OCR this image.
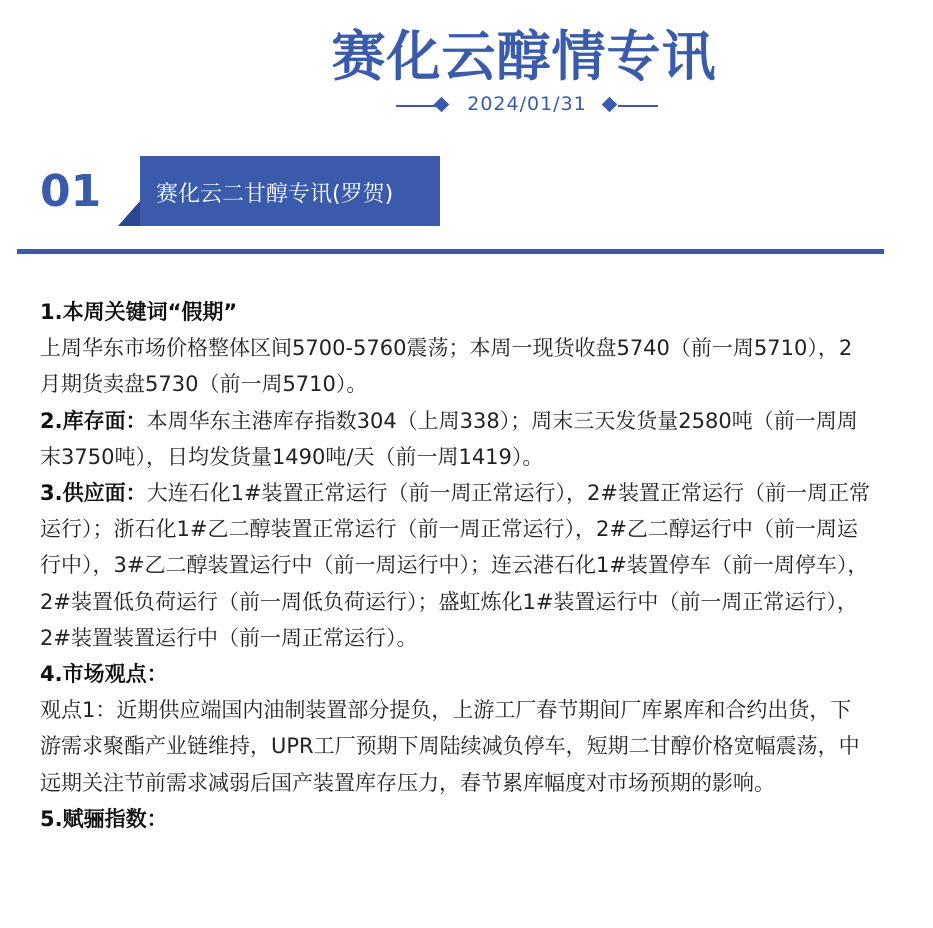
赛化云醇情专讯
2024/01/31
01 赛化云二甘醇专讯(罗贺)

1.本周关键词“假期”

上周华东市场价格整体区间5700-5760震荡；本周一现货收盘5740（前一周5710），2月期货卖盘5730（前一周5710）。

2.库存面：本周华东主港库存指数304（上周338）；周末三天发货量2580吨（前一周周末3750吨），日均发货量1490吨/天（前一周1419）。

3.供应面：大连石化1#装置正常运行（前一周正常运行），2#装置正常运行（前一周正常运行）；浙石化1#乙二醇装置正常运行（前一周正常运行），2#乙二醇运行中（前一周运行中），3#乙二醇装置运行中（前一周运行中）；连云港石化1#装置停车（前一周停车），2#装置低负荷运行（前一周低负荷运行）；盛虹炼化1#装置运行中（前一周正常运行），2#装置装置运行中（前一周正常运行）。

4.市场观点：

观点1：近期供应端国内油制装置部分提负，上游工厂春节期间厂库累库和合约出货，下游需求聚酯产业链维持，UPR工厂预期下周陆续减负停车，短期二甘醇价格宽幅震荡，中远期关注节前需求减弱后国产装置库存压力，春节累库幅度对市场预期的影响。

5.赋骊指数：
